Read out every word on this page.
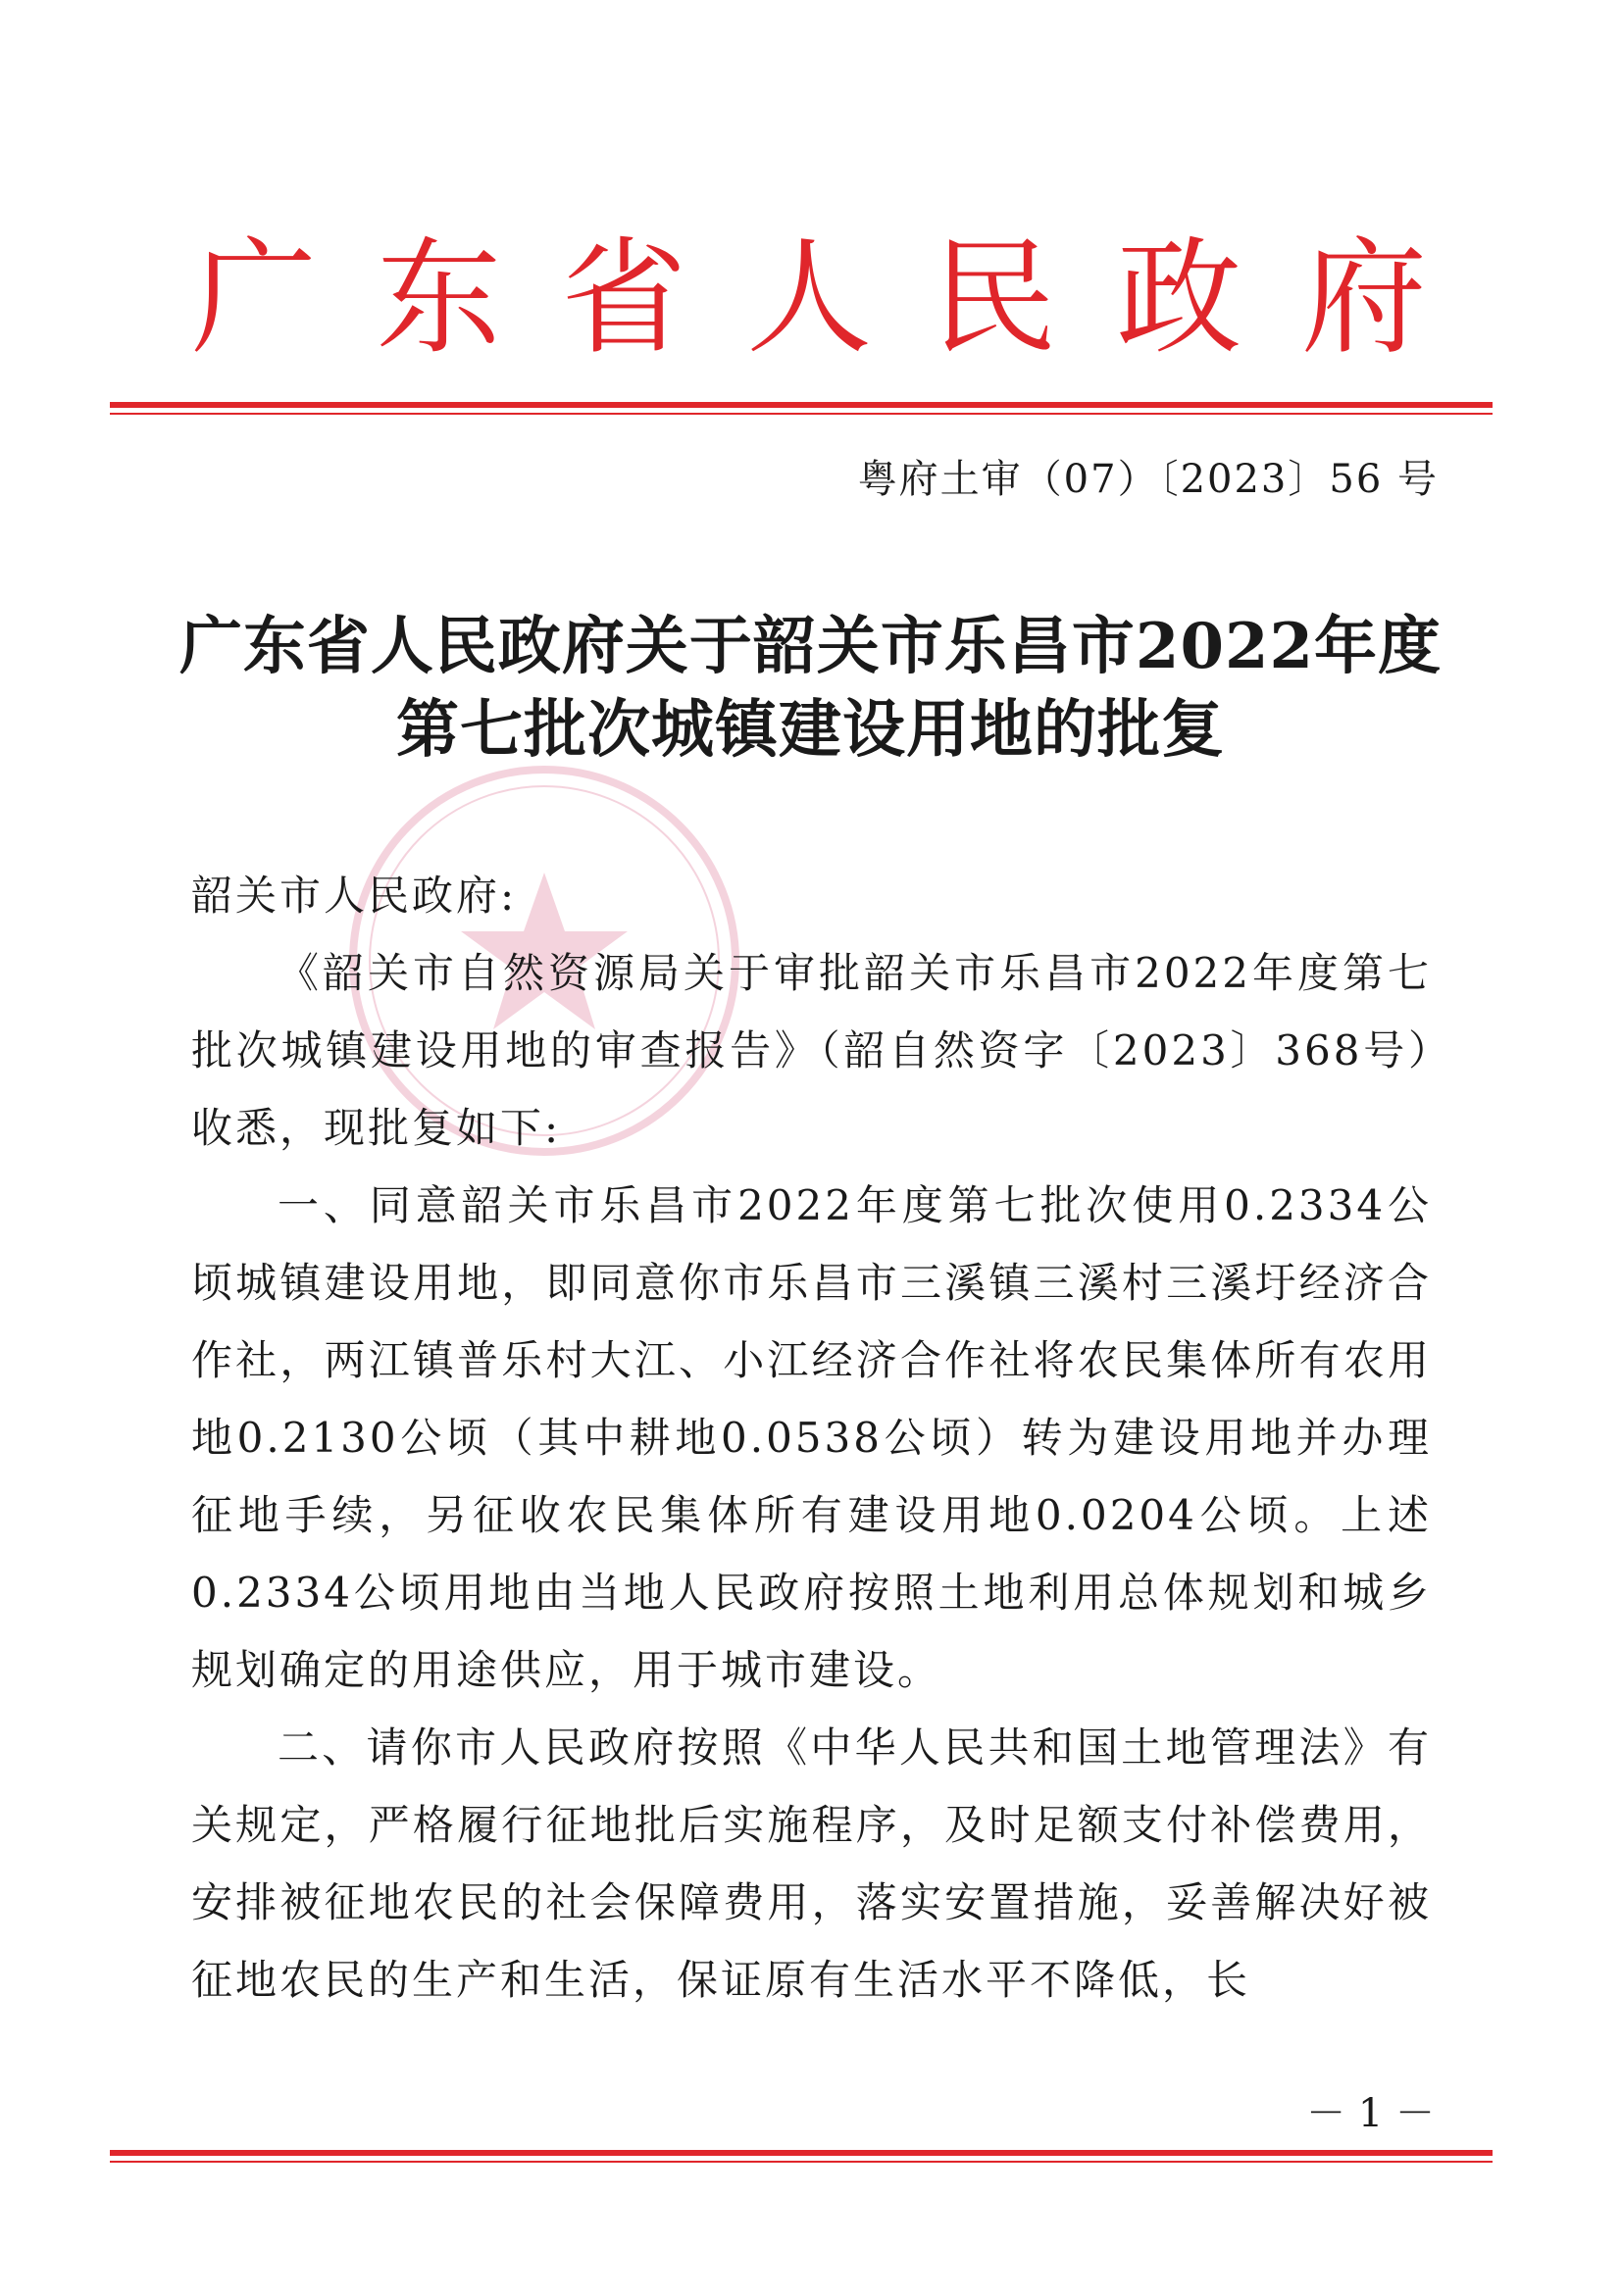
广 东 省 人 民 政 府
粤府土审（07）〔2023〕56 号
广东省人民政府关于韶关市乐昌市2022年度
第七批次城镇建设用地的批复

韶关市人民政府:

《韶关市自然资源局关于审批韶关市乐昌市2022年度第七批次城镇建设用地的审查报告》（韶自然资字〔2023〕368号）收悉，现批复如下:

一、同意韶关市乐昌市2022年度第七批次使用0.2334公顷城镇建设用地，即同意你市乐昌市三溪镇三溪村三溪圩经济合作社，两江镇普乐村大江、小江经济合作社将农民集体所有农用地0.2130公顷（其中耕地0.0538公顷）转为建设用地并办理征地手续，另征收农民集体所有建设用地0.0204公顷。上述0.2334公顷用地由当地人民政府按照土地利用总体规划和城乡规划确定的用途供应，用于城市建设。

二、请你市人民政府按照《中华人民共和国土地管理法》有关规定，严格履行征地批后实施程序，及时足额支付补偿费用，安排被征地农民的社会保障费用，落实安置措施，妥善解决好被征地农民的生产和生活，保证原有生活水平不降低，长

－ 1 －
